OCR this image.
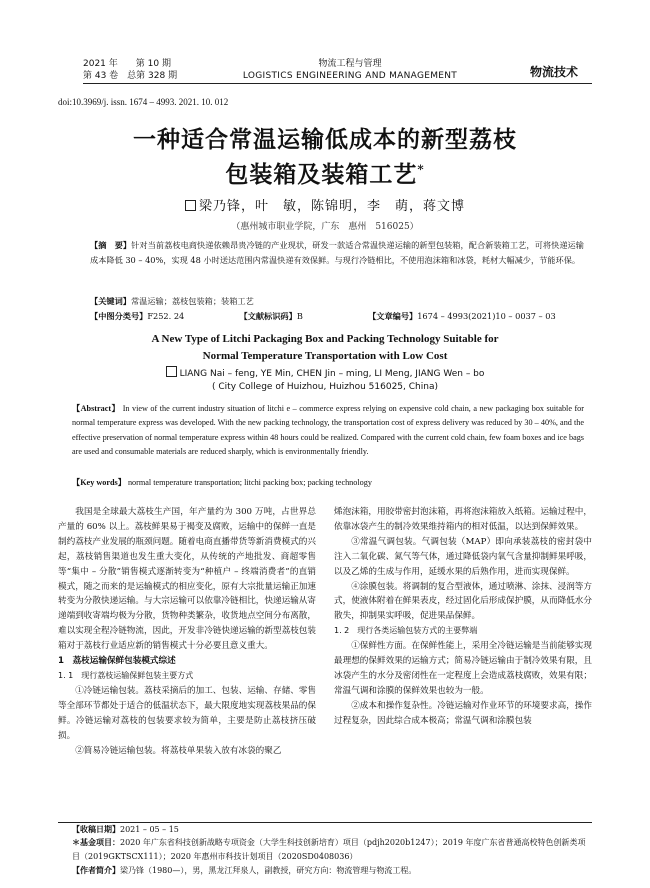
2021 年　　第 10 期
第 43 卷　总第 328 期
物流工程与管理
LOGISTICS ENGINEERING AND MANAGEMENT	物流技术
doi:10.3969/j. issn. 1674 – 4993. 2021. 10. 012
一种适合常温运输低成本的新型荔枝
包装箱及装箱工艺*
梁乃锋，叶　敏，陈锦明，李　萌，蒋文博
（惠州城市职业学院，广东　惠州　516025）
【摘　要】针对当前荔枝电商快递依赖昂贵冷链的产业现状，研发一款适合常温快递运输的新型包装箱，配合新装箱工艺，可将快递运输成本降低 30 – 40%，实现 48 小时送达范围内常温快递有效保鲜。与现行冷链相比，不使用泡沫箱和冰袋，耗材大幅减少，节能环保。
【关键词】常温运输；荔枝包装箱；装箱工艺
【中图分类号】F252. 24	【文献标识码】B	【文章编号】1674 – 4993(2021)10 – 0037 – 03
A New Type of Litchi Packaging Box and Packing Technology Suitable for
Normal Temperature Transportation with Low Cost
LIANG Nai – feng, YE Min, CHEN Jin – ming, LI Meng, JIANG Wen – bo
( City College of Huizhou, Huizhou 516025, China)
【Abstract】 In view of the current industry situation of litchi e – commerce express relying on expensive cold chain, a new packaging box suitable for normal temperature express was developed. With the new packing technology, the transportation cost of express delivery was reduced by 30 – 40%, and the effective preservation of normal temperature express within 48 hours could be realized. Compared with the current cold chain, few foam boxes and ice bags are used and consumable materials are reduced sharply, which is environmentally friendly.
【Key words】 normal temperature transportation; litchi packing box; packing technology

我国是全球最大荔枝生产国，年产量约为 300 万吨，占世界总产量的 60% 以上。荔枝鲜果易于褐变及腐败，运输中的保鲜一直是制约荔枝产业发展的瓶颈问题。随着电商直播带货等新消费模式的兴起，荔枝销售渠道也发生重大变化，从传统的产地批发、商超零售等“集中 – 分散”销售模式逐渐转变为“种植户 – 终端消费者”的直销模式，随之而来的是运输模式的相应变化，原有大宗批量运输正加速转变为分散快递运输。与大宗运输可以依靠冷链相比，快递运输从寄递端到收寄端均极为分散，货物种类繁杂，收货地点空间分布离散，难以实现全程冷链物流，因此，开发非冷链快递运输的新型荔枝包装箱对于荔枝行业适应新的销售模式十分必要且意义重大。

1　荔枝运输保鲜包装模式综述

1. 1　现行荔枝运输保鲜包装主要方式

①冷链运输包装。荔枝采摘后的加工、包装、运输、存储、零售等全部环节都处于适合的低温状态下，最大限度地实现荔枝果品的保鲜。冷链运输对荔枝的包装要求较为简单，主要是防止荔枝挤压破损。

②简易冷链运输包装。将荔枝单果装入放有冰袋的聚乙

烯泡沫箱，用胶带密封泡沫箱，再将泡沫箱放入纸箱。运输过程中，依靠冰袋产生的制冷效果维持箱内的相对低温，以达到保鲜效果。

③常温气调包装。气调包装（MAP）即向承装荔枝的密封袋中注入二氧化碳、氮气等气体，通过降低袋内氧气含量抑制鲜果呼吸，以及乙烯的生成与作用，延缓水果的后熟作用，进而实现保鲜。

④涂膜包装。将调制的复合型液体，通过喷淋、涂抹、浸润等方式，使液体附着在鲜果表皮，经过固化后形成保护膜，从而降低水分散失，抑制果实呼吸，促进果品保鲜。

1. 2　现行各类运输包装方式的主要弊端

①保鲜性方面。在保鲜性能上，采用全冷链运输是当前能够实现最理想的保鲜效果的运输方式；简易冷链运输由于制冷效果有限，且冰袋产生的水分及密闭性在一定程度上会造成荔枝腐败，效果有限；常温气调和涂膜的保鲜效果也较为一般。

②成本和操作复杂性。冷链运输对作业环节的环境要求高，操作过程复杂，因此综合成本极高；常温气调和涂膜包装

【收稿日期】2021 – 05 – 15
＊基金项目：2020 年广东省科技创新战略专项资金（大学生科技创新培育）项目（pdjh2020b1247）；2019 年度广东省普通高校特色创新类项目（2019GKTSCX111）；2020 年惠州市科技计划项目（2020SD0408036）
【作者简介】梁乃锋（1980—），男，黑龙江拜泉人，副教授，研究方向：物流管理与物流工程。
